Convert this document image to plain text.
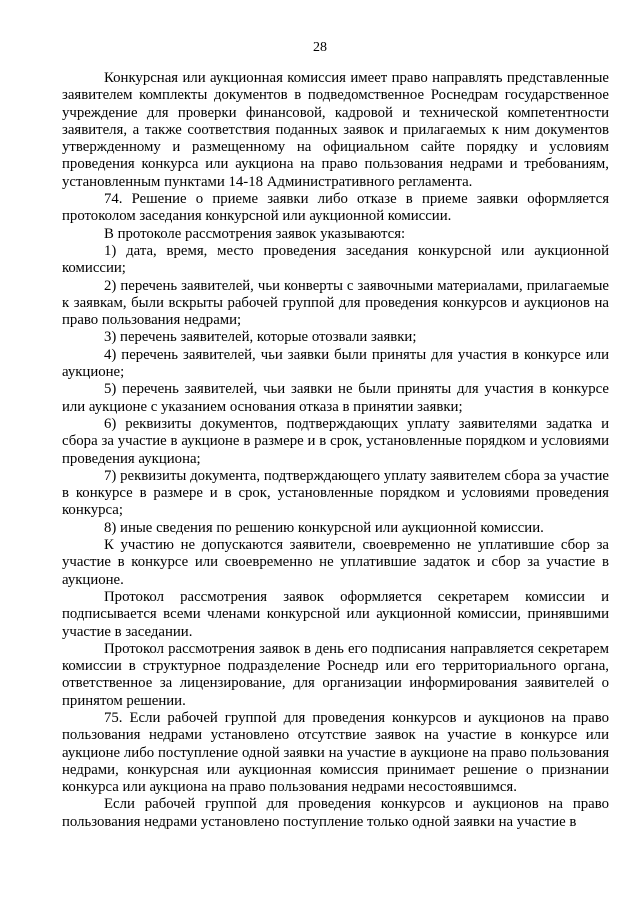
28

Конкурсная или аукционная комиссия имеет право направлять представленные заявителем комплекты документов в подведомственное Роснедрам государственное учреждение для проверки финансовой, кадровой и технической компетентности заявителя, а также соответствия поданных заявок и прилагаемых к ним документов утвержденному и размещенному на официальном сайте порядку и условиям проведения конкурса или аукциона на право пользования недрами и требованиям, установленным пунктами 14-18 Административного регламента.

74. Решение о приеме заявки либо отказе в приеме заявки оформляется протоколом заседания конкурсной или аукционной комиссии.

В протоколе рассмотрения заявок указываются:

1) дата, время, место проведения заседания конкурсной или аукционной комиссии;

2) перечень заявителей, чьи конверты с заявочными материалами, прилагаемые к заявкам, были вскрыты рабочей группой для проведения конкурсов и аукционов на право пользования недрами;

3) перечень заявителей, которые отозвали заявки;

4) перечень заявителей, чьи заявки были приняты для участия в конкурсе или аукционе;

5) перечень заявителей, чьи заявки не были приняты для участия в конкурсе или аукционе с указанием основания отказа в принятии заявки;

6) реквизиты документов, подтверждающих уплату заявителями задатка и сбора за участие в аукционе в размере и в срок, установленные порядком и условиями проведения аукциона;

7) реквизиты документа, подтверждающего уплату заявителем сбора за участие в конкурсе в размере и в срок, установленные порядком и условиями проведения конкурса;

8) иные сведения по решению конкурсной или аукционной комиссии.

К участию не допускаются заявители, своевременно не уплатившие сбор за участие в конкурсе или своевременно не уплатившие задаток и сбор за участие в аукционе.

Протокол рассмотрения заявок оформляется секретарем комиссии и подписывается всеми членами конкурсной или аукционной комиссии, принявшими участие в заседании.

Протокол рассмотрения заявок в день его подписания направляется секретарем комиссии в структурное подразделение Роснедр или его территориального органа, ответственное за лицензирование, для организации информирования заявителей о принятом решении.

75. Если рабочей группой для проведения конкурсов и аукционов на право пользования недрами установлено отсутствие заявок на участие в конкурсе или аукционе либо поступление одной заявки на участие в аукционе на право пользования недрами, конкурсная или аукционная комиссия принимает решение о признании конкурса или аукциона на право пользования недрами несостоявшимся.

Если рабочей группой для проведения конкурсов и аукционов на право пользования недрами установлено поступление только одной заявки на участие в
